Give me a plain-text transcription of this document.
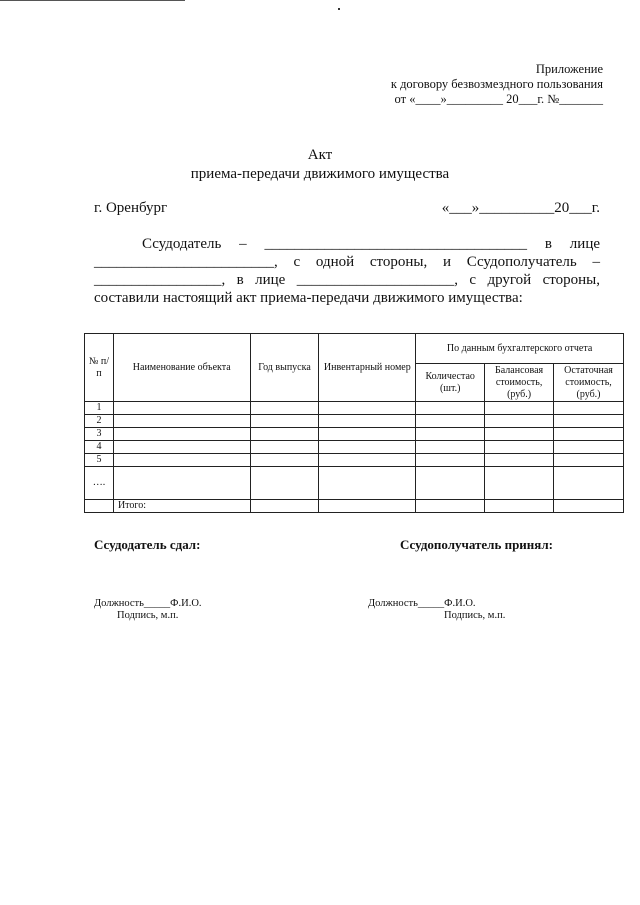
Приложение
к договору безвозмездного пользования
от «____»_________ 20___г. №_______
Акт
приема-передачи движимого имущества
г. Оренбург	«___»__________20___г.
Ссудодатель – ___________________________________ в лице
________________________, с одной стороны, и Ссудополучатель –
_________________, в лице _____________________, с другой стороны,
составили настоящий акт приема-передачи движимого имущества:
№ п/п	Наименование объекта	Год выпуска	Инвентарный номер	По данным бухгалтерского отчета		
				Количестао (шт.)	Балансовая стоимость, (руб.)	Остаточная стоимость, (руб.)
1						
2						
3						
4						
5						
….						
	Итого:					
Ссудодатель сдал:	Ссудополучатель принял:
Должность_____Ф.И.О.
Подпись, м.п.
Должность_____Ф.И.О.
Подпись, м.п.
